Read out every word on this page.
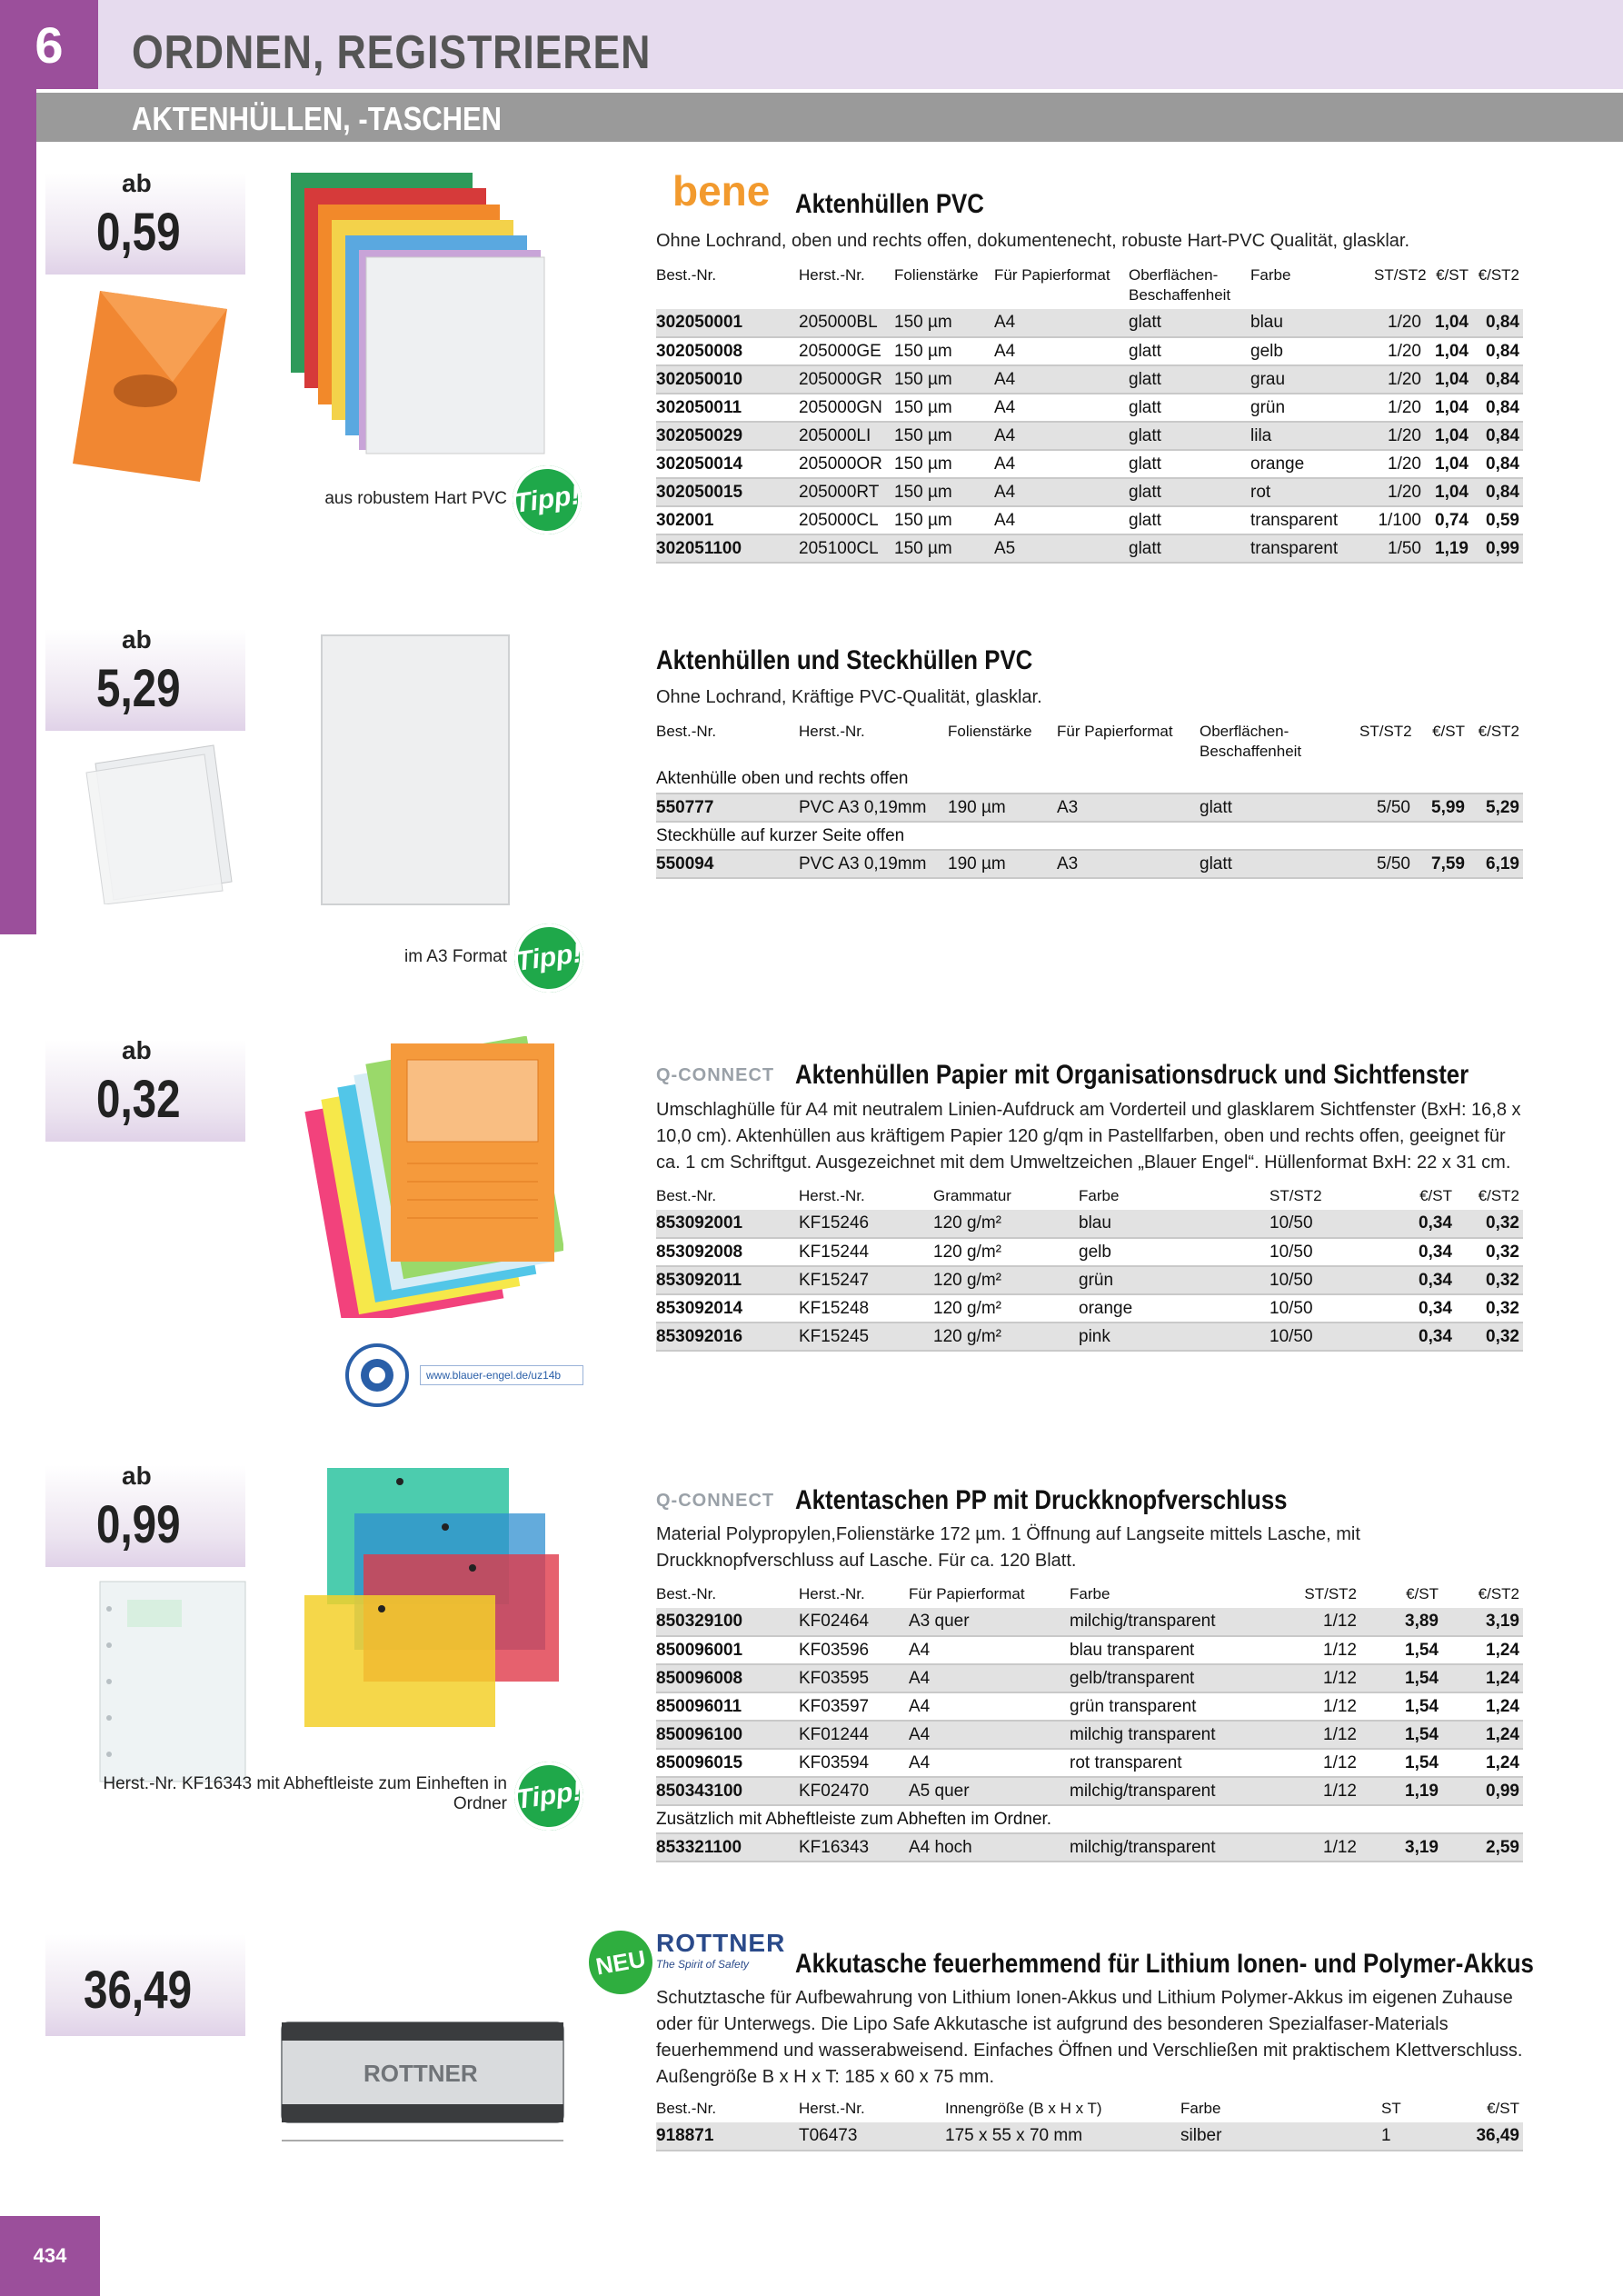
6	ORDNEN, REGISTRIEREN
AKTENHÜLLEN, -TASCHEN
ab
0,59
aus robustem Hart PVC Tipp!
bene Aktenhüllen PVC
Ohne Lochrand, oben und rechts offen, dokumentenecht, robuste Hart-PVC Qualität, glasklar.
Best.-Nr.	Herst.-Nr.	Folienstärke	Für Papierformat	Oberflächen-Beschaffenheit	Farbe	ST/ST2	€/ST	€/ST2
302050001	205000BL	150 µm	A4	glatt	blau	1/20	1,04	0,84
302050008	205000GE	150 µm	A4	glatt	gelb	1/20	1,04	0,84
302050010	205000GR	150 µm	A4	glatt	grau	1/20	1,04	0,84
302050011	205000GN	150 µm	A4	glatt	grün	1/20	1,04	0,84
302050029	205000LI	150 µm	A4	glatt	lila	1/20	1,04	0,84
302050014	205000OR	150 µm	A4	glatt	orange	1/20	1,04	0,84
302050015	205000RT	150 µm	A4	glatt	rot	1/20	1,04	0,84
302001	205000CL	150 µm	A4	glatt	transparent	1/100	0,74	0,59
302051100	205100CL	150 µm	A5	glatt	transparent	1/50	1,19	0,99
ab
5,29
im A3 Format Tipp!
Aktenhüllen und Steckhüllen PVC
Ohne Lochrand, Kräftige PVC-Qualität, glasklar.
Best.-Nr.	Herst.-Nr.	Folienstärke	Für Papierformat	Oberflächen-Beschaffenheit	ST/ST2	€/ST	€/ST2
Aktenhülle oben und rechts offen							
550777	PVC A3 0,19mm	190 µm	A3	glatt	5/50	5,99	5,29
Steckhülle auf kurzer Seite offen							
550094	PVC A3 0,19mm	190 µm	A3	glatt	5/50	7,59	6,19
ab
0,32
www.blauer-engel.de/uz14b
Q-CONNECT Aktenhüllen Papier mit Organisationsdruck und Sichtfenster
Umschlaghülle für A4 mit neutralem Linien-Aufdruck am Vorderteil und glasklarem Sichtfenster (BxH: 16,8 x 10,0 cm). Aktenhüllen aus kräftigem Papier 120 g/qm in Pastellfarben, oben und rechts offen, geeignet für ca. 1 cm Schriftgut. Ausgezeichnet mit dem Umweltzeichen „Blauer Engel“. Hüllenformat BxH: 22 x 31 cm.
Best.-Nr.	Herst.-Nr.	Grammatur	Farbe	ST/ST2	€/ST	€/ST2
853092001	KF15246	120 g/m²	blau	10/50	0,34	0,32
853092008	KF15244	120 g/m²	gelb	10/50	0,34	0,32
853092011	KF15247	120 g/m²	grün	10/50	0,34	0,32
853092014	KF15248	120 g/m²	orange	10/50	0,34	0,32
853092016	KF15245	120 g/m²	pink	10/50	0,34	0,32
ab
0,99
Herst.-Nr. KF16343 mit Abheftleiste zum Einheften in Ordner Tipp!
Q-CONNECT Aktentaschen PP mit Druckknopfverschluss
Material Polypropylen,Folienstärke 172 µm. 1 Öffnung auf Langseite mittels Lasche, mit Druckknopfverschluss auf Lasche. Für ca. 120 Blatt.
Best.-Nr.	Herst.-Nr.	Für Papierformat	Farbe	ST/ST2	€/ST	€/ST2
850329100	KF02464	A3 quer	milchig/transparent	1/12	3,89	3,19
850096001	KF03596	A4	blau transparent	1/12	1,54	1,24
850096008	KF03595	A4	gelb/transparent	1/12	1,54	1,24
850096011	KF03597	A4	grün transparent	1/12	1,54	1,24
850096100	KF01244	A4	milchig transparent	1/12	1,54	1,24
850096015	KF03594	A4	rot transparent	1/12	1,54	1,24
850343100	KF02470	A5 quer	milchig/transparent	1/12	1,19	0,99
Zusätzlich mit Abheftleiste zum Abheften im Ordner.						
853321100	KF16343	A4 hoch	milchig/transparent	1/12	3,19	2,59
36,49
ROTTNER
NEU
ROTTNER
The Spirit of Safety	Akkutasche feuerhemmend für Lithium Ionen- und Polymer-Akkus
Schutztasche für Aufbewahrung von Lithium Ionen-Akkus und Lithium Polymer-Akkus im eigenen Zuhause oder für Unterwegs. Die Lipo Safe Akkutasche ist aufgrund des besonderen Spezialfaser-Materials feuerhemmend und wasserabweisend. Einfaches Öffnen und Verschließen mit praktischem Klettverschluss. Außengröße B x H x T: 185 x 60 x 75 mm.
Best.-Nr.	Herst.-Nr.	Innengröße (B x H x T)	Farbe	ST	€/ST
918871	T06473	175 x 55 x 70 mm	silber	1	36,49
434
